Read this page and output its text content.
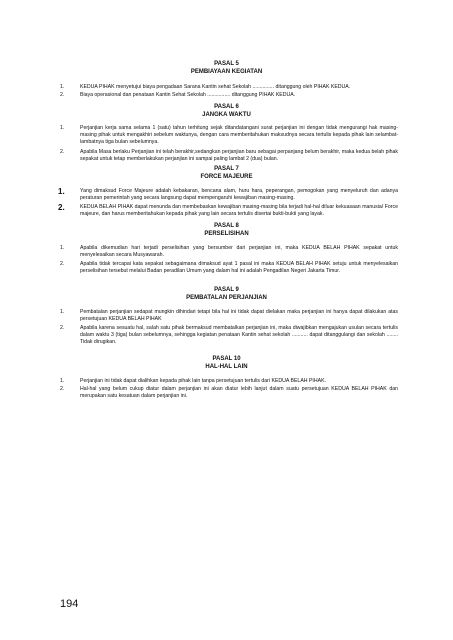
PASAL 5
PEMBIAYAAN KEGIATAN
1.	KEDUA PIHAK menyetujui biaya pengadaan Sarana Kantin sehat Sekolah ............... ditanggung oleh PIHAK KEDUA.
2.	Biaya operasional dan penataan Kantin Sehat Sekolah ................ ditanggung PIHAK KEDUA.
PASAL 6
JANGKA WAKTU
1.	Perjanjian kerja sama selama 1 (satu) tahun terhitung sejak ditandatangani surat perjanjian ini dengan tidak mengurangi hak masing-masing pihak untuk mengakhiri sebelum waktunya, dengan cara memberitahukan maksudnya secara tertulis kepada pihak lain selambat-lambatnya tiga bulan sebelumnya.
2.	Apabila Masa berlaku Perjanjian ini telah berakhir,sedangkan perjanjian baru sebagai perpanjang belum berakhir, maka kedua belah pihak sepakat untuk tetap memberlakukan perjanjian ini sampai paling lambat 2 (dua) bulan.
PASAL 7
FORCE MAJEURE
1.	Yang dimaksud Force Majeure adalah kebakaran, bencana alam, huru hara, peperangan, pemogokan yang menyeluruh dan adanya peraturan pemerintah yang secara langsung dapat mempengaruhi kewajiban masing-masing.
2.	KEDUA BELAH PIHAK dapat menunda dan membebaskan kewajiban masing-masing bila terjadi hal-hal diluar kekuasaan manusia/ Force majeure, dan harus memberitahukan kepada pihak yang lain secara tertulis disertai bukti-bukti yang layak.
PASAL 8
PERSELISIHAN
1.	Apabila dikemudian hari terjadi perselisihan yang bersumber dari perjanjian ini, maka KEDUA BELAH PIHAK sepakat untuk menyelesaikan secara Musyawarah.
2.	Apabila tidak tercapai kata sepakat sebagaimana dimaksud ayat 1 pasal ini maka KEDUA BELAH PIHAK setuju untuk menyelesaikan perselisihan tersebut melalui Badan peradilan Umum yang dalam hal ini adalah Pengadilan Negeri Jakarta Timur.
PASAL 9
PEMBATALAN PERJANJIAN
1.	Pembatalan perjanjian sedapat mungkin dihindari tetapi bila hal ini tidak dapat dielakan maka perjanjian ini hanya dapat dilakukan atas persetujuan KEDUA BELAH PIHAK
2.	Apabila karena sesuatu hal, salah satu pihak bermaksud membatalkan perjanjian ini, maka diwajibkan mengajukan usulan secara tertulis dalam waktu 3 (tiga) bulan sebelumnya, sehingga kegiatan penataan Kantin sehat sekolah ........... dapat ditanggulangi dan sekolah ........ Tidak dirugikan.
PASAL 10
HAL-HAL LAIN
1.	Perjanjian ini tidak dapat dialihkan kepada pihak lain tanpa persetujuan tertulis dari KEDUA BELAH PIHAK.
2.	Hal-hal yang belum cukup diatur dalam perjanjian ini akan diatur lebih lanjut dalam suatu persetujuan KEDUA BELAH PIHAK dan merupakan satu kesatuan dalam perjanjian ini.
194
